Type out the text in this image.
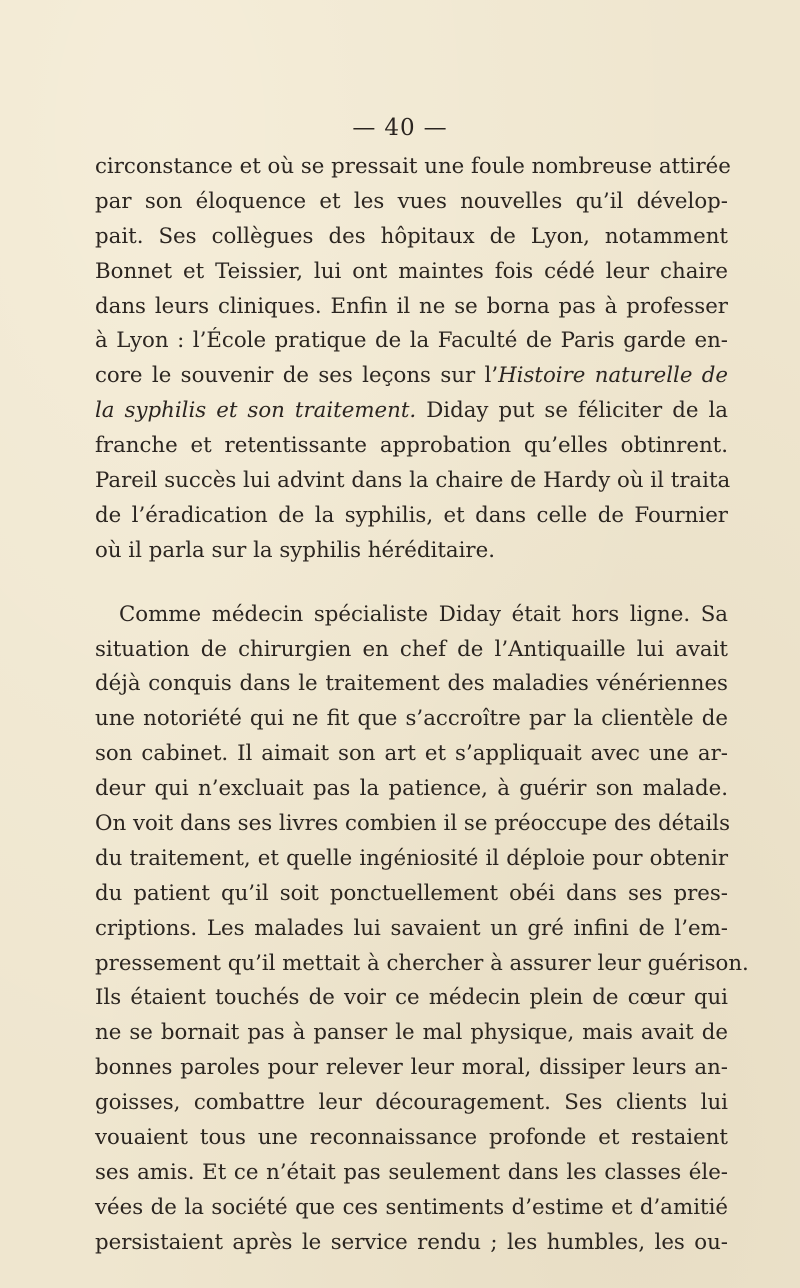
— 40 —
circonstance et où se pressait une foule nombreuse attirée
par son éloquence et les vues nouvelles qu’il dévelop-
pait. Ses collègues des hôpitaux de Lyon, notamment
Bonnet et Teissier, lui ont maintes fois cédé leur chaire
dans leurs cliniques. Enfin il ne se borna pas à professer
à Lyon : l’École pratique de la Faculté de Paris garde en-
core le souvenir de ses leçons sur l’Histoire naturelle de
la syphilis et son traitement. Diday put se féliciter de la
franche et retentissante approbation qu’elles obtinrent.
Pareil succès lui advint dans la chaire de Hardy où il traita
de l’éradication de la syphilis, et dans celle de Fournier
où il parla sur la syphilis héréditaire.
Comme médecin spécialiste Diday était hors ligne. Sa
situation de chirurgien en chef de l’Antiquaille lui avait
déjà conquis dans le traitement des maladies vénériennes
une notoriété qui ne fit que s’accroître par la clientèle de
son cabinet. Il aimait son art et s’appliquait avec une ar-
deur qui n’excluait pas la patience, à guérir son malade.
On voit dans ses livres combien il se préoccupe des détails
du traitement, et quelle ingéniosité il déploie pour obtenir
du patient qu’il soit ponctuellement obéi dans ses pres-
criptions. Les malades lui savaient un gré infini de l’em-
pressement qu’il mettait à chercher à assurer leur guérison.
Ils étaient touchés de voir ce médecin plein de cœur qui
ne se bornait pas à panser le mal physique, mais avait de
bonnes paroles pour relever leur moral, dissiper leurs an-
goisses, combattre leur découragement. Ses clients lui
vouaient tous une reconnaissance profonde et restaient
ses amis. Et ce n’était pas seulement dans les classes éle-
vées de la société que ces sentiments d’estime et d’amitié
persistaient après le service rendu ; les humbles, les ou-
